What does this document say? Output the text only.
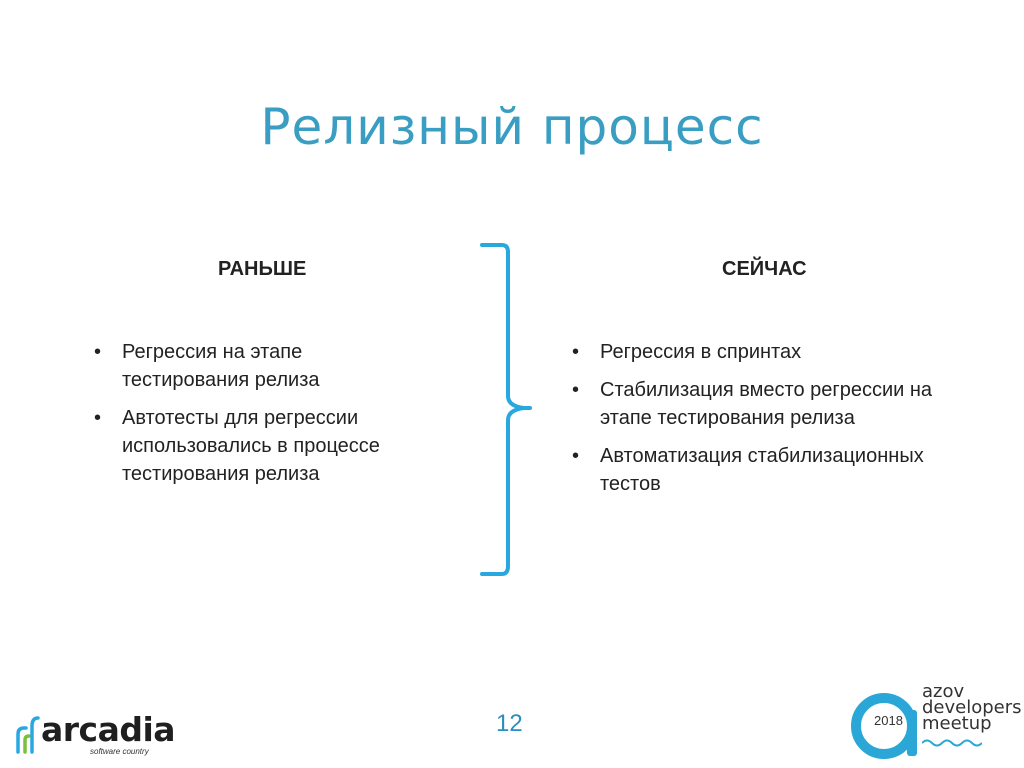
Релизный процесс
РАНЬШЕ	СЕЙЧАС
•	Регрессия на этапе тестирования релиза
•	Автотесты для регрессии использовались в процессе тестирования релиза
•	Регрессия в спринтах
•	Стабилизация вместо регрессии на этапе тестирования релиза
•	Автоматизация стабилизационных тестов
12
arcadia
software country
2018
azov
developers
meetup
